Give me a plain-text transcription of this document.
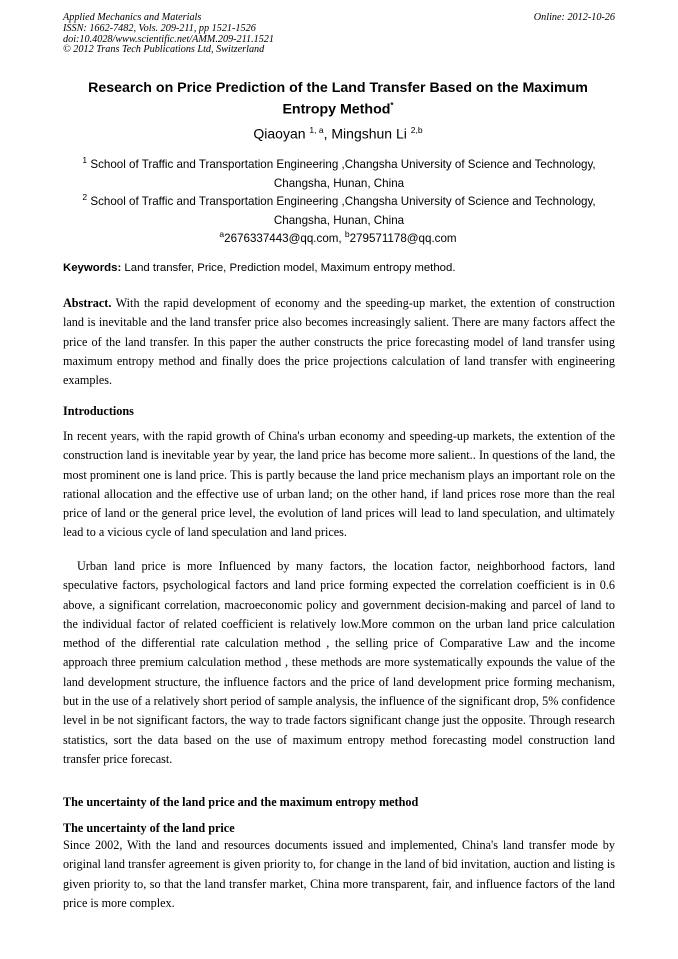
Applied Mechanics and Materials
ISSN: 1662-7482, Vols. 209-211, pp 1521-1526
doi:10.4028/www.scientific.net/AMM.209-211.1521
© 2012 Trans Tech Publications Ltd, Switzerland
Online: 2012-10-26
Research on Price Prediction of the Land Transfer Based on the Maximum Entropy Method*
Qiaoyan $^{1, a}$, Mingshun Li $^{2,b}$
$^1$ School of Traffic and Transportation Engineering ,Changsha University of Science and Technology, Changsha, Hunan, China
$^2$ School of Traffic and Transportation Engineering ,Changsha University of Science and Technology, Changsha, Hunan, China
$^a$2676337443@qq.com, $^b$279571178@qq.com
Keywords: Land transfer, Price, Prediction model, Maximum entropy method.
Abstract. With the rapid development of economy and the speeding-up market, the extention of construction land is inevitable and the land transfer price also becomes increasingly salient. There are many factors affect the price of the land transfer. In this paper the auther constructs the price forecasting model of land transfer using maximum entropy method and finally does the price projections calculation of land transfer with engineering examples.
Introductions
In recent years, with the rapid growth of China's urban economy and speeding-up markets, the extention of the construction land is inevitable year by year, the land price has become more salient.. In questions of the land, the most prominent one is land price. This is partly because the land price mechanism plays an important role on the rational allocation and the effective use of urban land; on the other hand, if land prices rose more than the real price of land or the general price level, the evolution of land prices will lead to land speculation, and ultimately lead to a vicious cycle of land speculation and land prices.
Urban land price is more Influenced by many factors, the location factor, neighborhood factors, land speculative factors, psychological factors and land price forming expected the correlation coefficient is in 0.6 above, a significant correlation, macroeconomic policy and government decision-making and parcel of land to the individual factor of related coefficient is relatively low.More common on the urban land price calculation method of the differential rate calculation method , the selling price of Comparative Law and the income approach three premium calculation method , these methods are more systematically expounds the value of the land development structure, the influence factors and the price of land development price forming mechanism, but in the use of a relatively short period of sample analysis, the influence of the significant drop, 5% confidence level in be not significant factors, the way to trade factors significant change just the opposite. Through research statistics, sort the data based on the use of maximum entropy method forecasting model construction land transfer price forecast.
The uncertainty of the land price and the maximum entropy method
The uncertainty of the land price
Since 2002, With the land and resources documents issued and implemented, China's land transfer mode by original land transfer agreement is given priority to, for change in the land of bid invitation, auction and listing is given priority to, so that the land transfer market, China more transparent, fair, and influence factors of the land price is more complex.
